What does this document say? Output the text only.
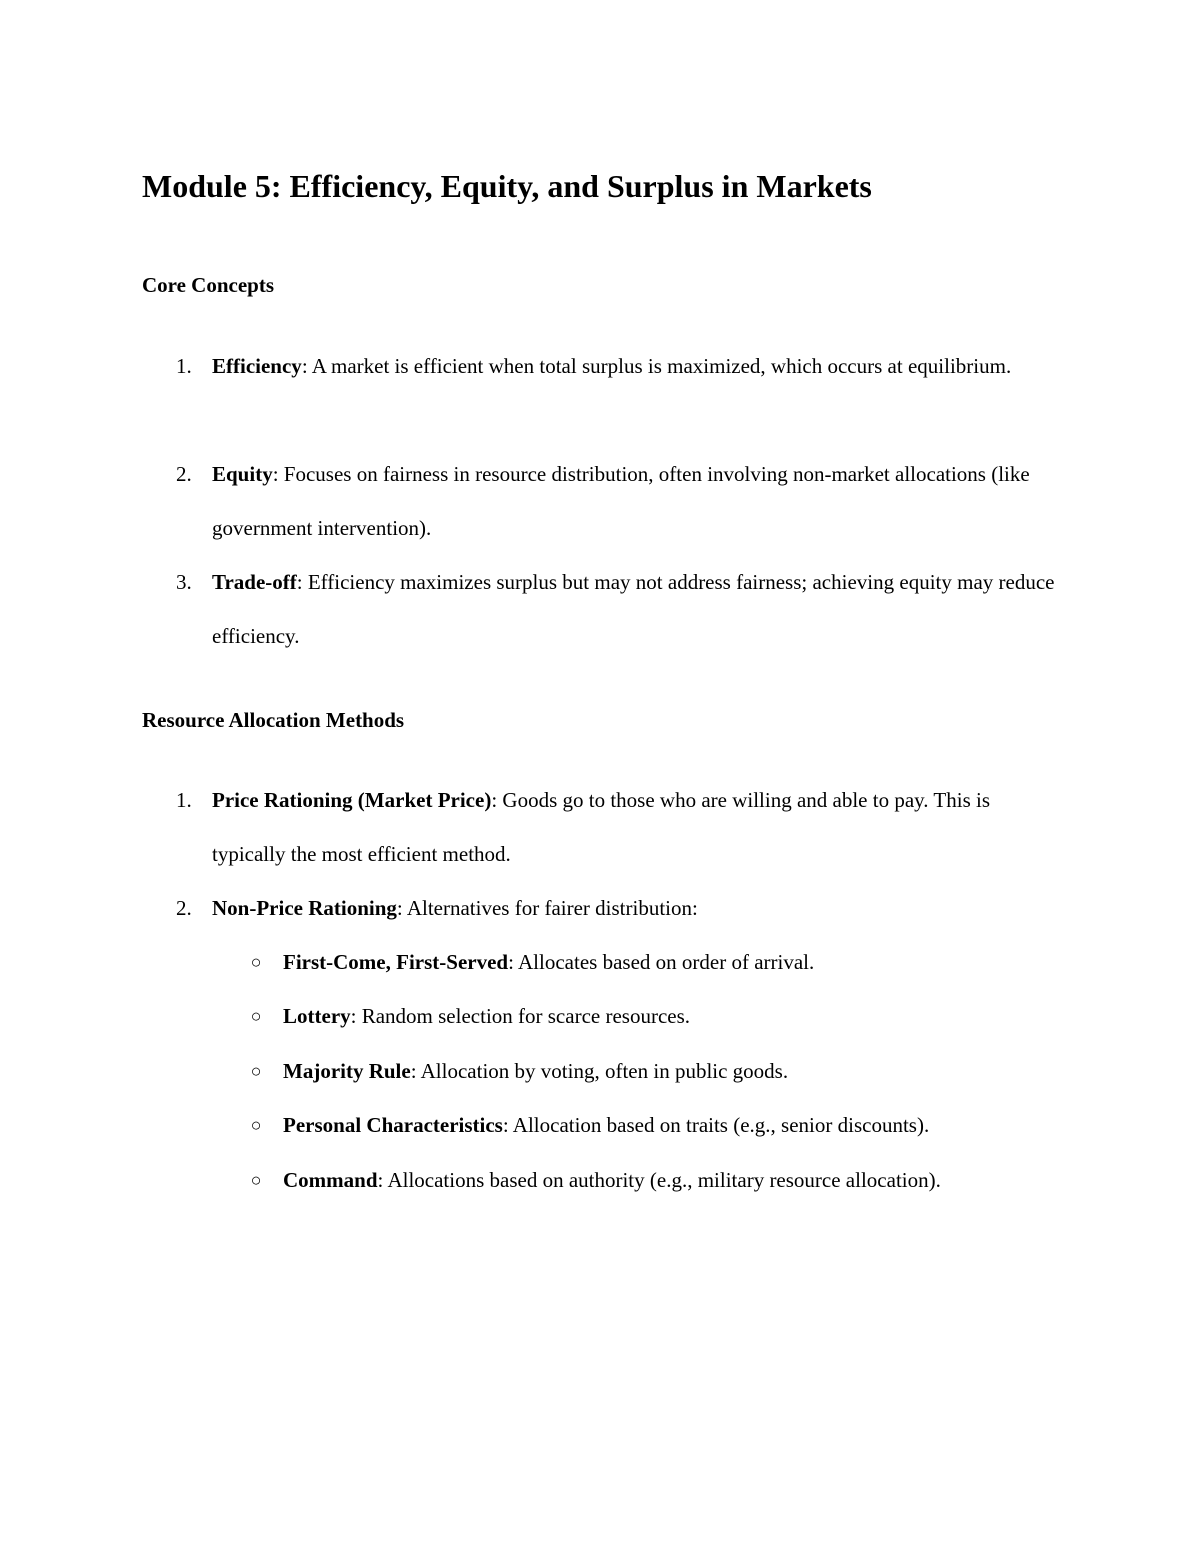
Module 5: Efficiency, Equity, and Surplus in Markets
Core Concepts
1. Efficiency: A market is efficient when total surplus is maximized, which occurs at equilibrium.
2. Equity: Focuses on fairness in resource distribution, often involving non-market allocations (like government intervention).
3. Trade-off: Efficiency maximizes surplus but may not address fairness; achieving equity may reduce efficiency.
Resource Allocation Methods
1. Price Rationing (Market Price): Goods go to those who are willing and able to pay. This is typically the most efficient method.
2. Non-Price Rationing: Alternatives for fairer distribution:
○ First-Come, First-Served: Allocates based on order of arrival.
○ Lottery: Random selection for scarce resources.
○ Majority Rule: Allocation by voting, often in public goods.
○ Personal Characteristics: Allocation based on traits (e.g., senior discounts).
○ Command: Allocations based on authority (e.g., military resource allocation).
